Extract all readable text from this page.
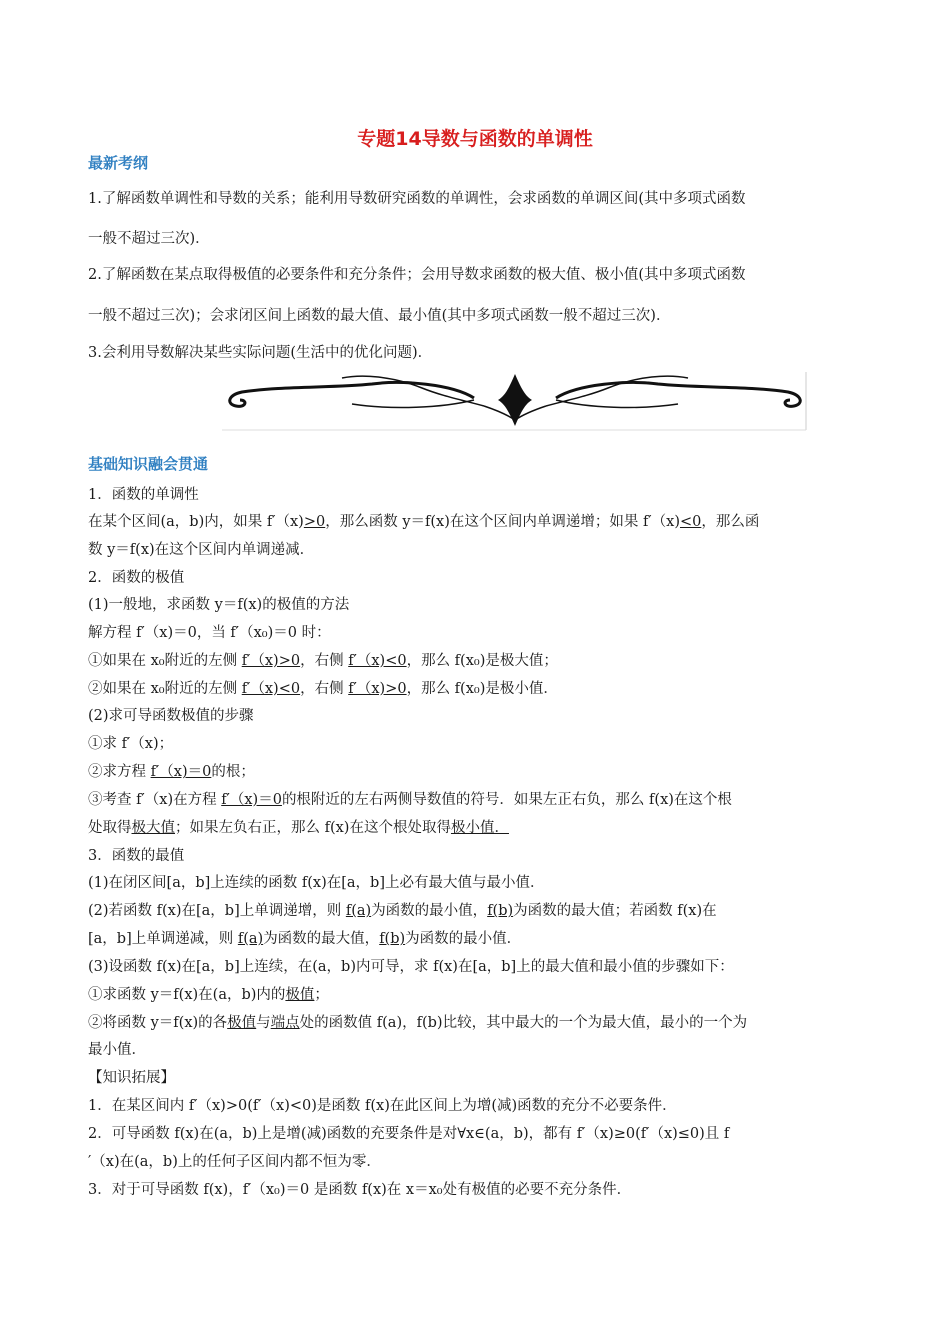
专题14导数与函数的单调性
最新考纲
1.了解函数单调性和导数的关系；能利用导数研究函数的单调性，会求函数的单调区间(其中多项式函数
一般不超过三次)．
2.了解函数在某点取得极值的必要条件和充分条件；会用导数求函数的极大值、极小值(其中多项式函数
一般不超过三次)；会求闭区间上函数的最大值、最小值(其中多项式函数一般不超过三次)．
3.会利用导数解决某些实际问题(生活中的优化问题)．
基础知识融会贯通
1．函数的单调性
在某个区间(a，b)内，如果 f′（x)>0，那么函数 y＝f(x)在这个区间内单调递增；如果 f′（x)<0，那么函
数 y＝f(x)在这个区间内单调递减．
2．函数的极值
(1)一般地，求函数 y＝f(x)的极值的方法
解方程 f′（x)＝0，当 f′（x₀)＝0 时：
①如果在 x₀附近的左侧 f′（x)>0，右侧 f′（x)<0，那么 f(x₀)是极大值；
②如果在 x₀附近的左侧 f′（x)<0，右侧 f′（x)>0，那么 f(x₀)是极小值．
(2)求可导函数极值的步骤
①求 f′（x)；
②求方程 f′（x)＝0的根；
③考查 f′（x)在方程 f′（x)＝0的根附近的左右两侧导数值的符号．如果左正右负，那么 f(x)在这个根
处取得极大值；如果左负右正，那么 f(x)在这个根处取得极小值．
3．函数的最值
(1)在闭区间[a，b]上连续的函数 f(x)在[a，b]上必有最大值与最小值．
(2)若函数 f(x)在[a，b]上单调递增，则 f(a)为函数的最小值，f(b)为函数的最大值；若函数 f(x)在
[a，b]上单调递减，则 f(a)为函数的最大值，f(b)为函数的最小值．
(3)设函数 f(x)在[a，b]上连续，在(a，b)内可导，求 f(x)在[a，b]上的最大值和最小值的步骤如下：
①求函数 y＝f(x)在(a，b)内的极值；
②将函数 y＝f(x)的各极值与端点处的函数值 f(a)，f(b)比较，其中最大的一个为最大值，最小的一个为
最小值．
【知识拓展】
1．在某区间内 f′（x)>0(f′（x)<0)是函数 f(x)在此区间上为增(减)函数的充分不必要条件．
2．可导函数 f(x)在(a，b)上是增(减)函数的充要条件是对∀x∈(a，b)，都有 f′（x)≥0(f′（x)≤0)且 f
′（x)在(a，b)上的任何子区间内都不恒为零．
3．对于可导函数 f(x)，f′（x₀)＝0 是函数 f(x)在 x＝x₀处有极值的必要不充分条件．
